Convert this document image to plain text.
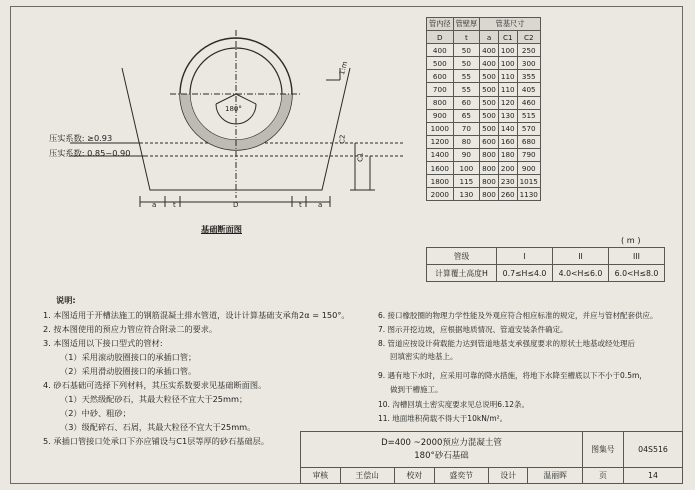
压实系数: ≥0.93
压实系数: 0.85~0.90
180°
1:m
C2
C1
a t	D	t a
基础断面图
管内径	管壁厚	管基尺寸		
D	t	a	C1	C2
400	50	400	100	250
500	50	400	100	300
600	55	500	110	355
700	55	500	110	405
800	60	500	120	460
900	65	500	130	515
1000	70	500	140	570
1200	80	600	160	680
1400	90	800	180	790
1600	100	800	200	900
1800	115	800	230	1015
2000	130	800	260	1130
( m )
管级	I	II	III
计算覆土高度H	0.7≤H≤4.0	4.0<H≤6.0	6.0<H≤8.0
说明:
1. 本图适用于开槽法施工的钢筋混凝土排水管道，设计计算基础支承角2α = 150°。
2. 按本图使用的预应力管应符合附录二的要求。
3. 本图适用以下接口型式的管材:
（1）采用滚动胶圈接口的承插口管；
（2）采用滑动胶圈接口的承插口管。
4. 砂石基础可选择下列材料，其压实系数要求见基础断面图。
（1）天然级配砂石，其最大粒径不宜大于25mm；
（2）中砂、粗砂；
（3）级配碎石、石屑，其最大粒径不宜大于25mm。
5. 承插口管接口处承口下亦应铺设与C1层等厚的砂石基础层。
6. 接口橡胶圈的物理力学性能及外观应符合相应标准的规定，并应与管材配套供应。
7. 图示开挖边坡，应根据地质情况、管道安装条件确定。
8. 管道应按设计荷载能力达到管道地基支承强度要求的原状土地基或经处理后
回填密实的地基上。
9. 遇有地下水时，应采用可靠的降水措施，将地下水降至槽底以下不小于0.5m，
做到干槽施工。
10. 沟槽回填土密实度要求见总说明6.12条。
11. 地面堆积荷载不得大于10kN/m²。
D=400 ~2000预应力混凝土管
180°砂石基础						图集号	04S516
审核	王偿山	校对	盛奕节	设计	温丽晖	页	14
